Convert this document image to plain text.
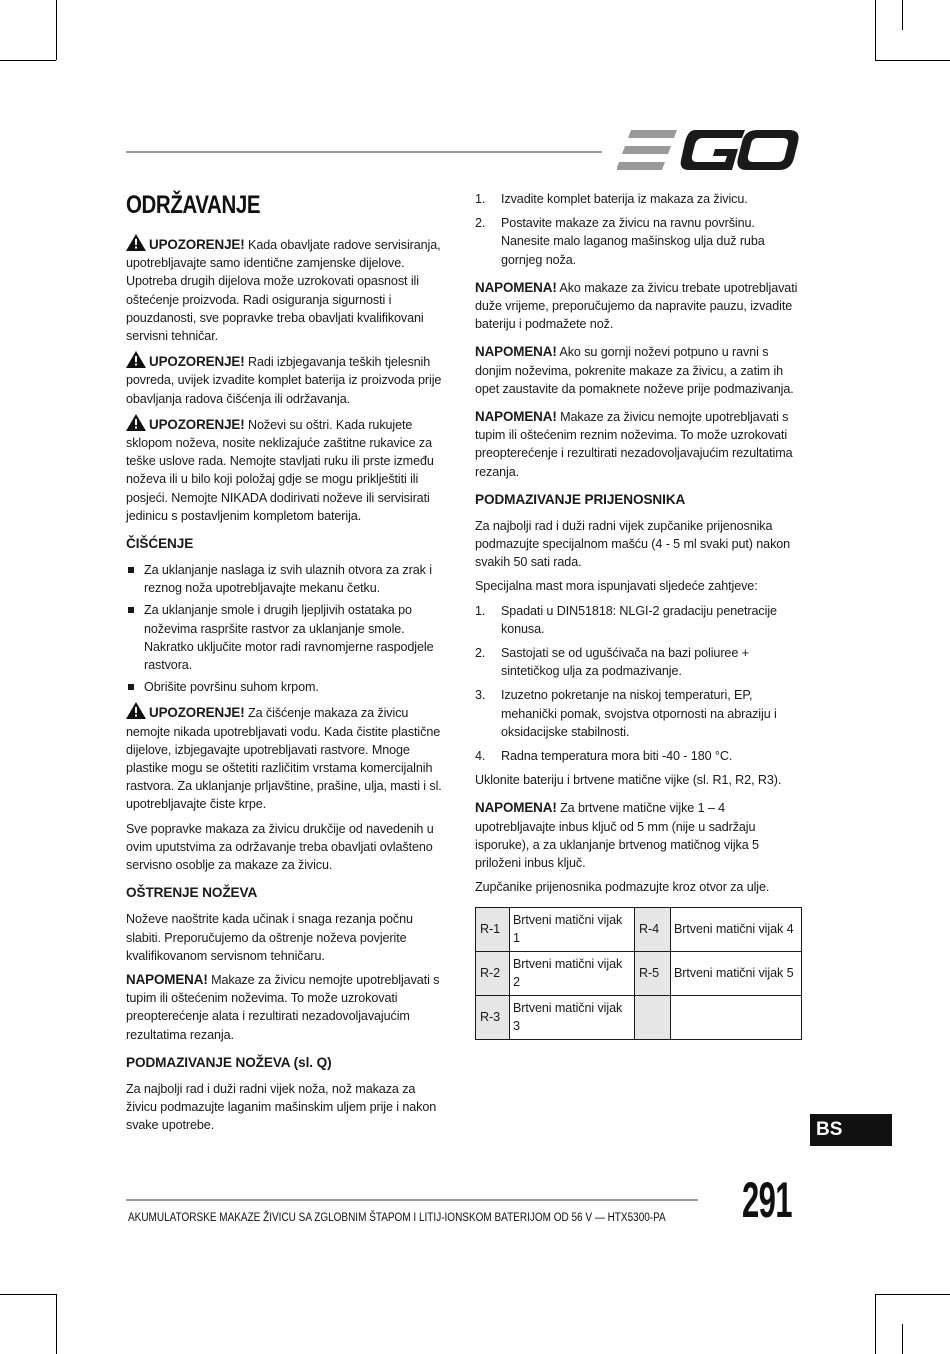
ODRŽAVANJE

UPOZORENJE! Kada obavljate radove servisiranja, upotrebljavajte samo identične zamjenske dijelove. Upotreba drugih dijelova može uzrokovati opasnost ili oštećenje proizvoda. Radi osiguranja sigurnosti i pouzdanosti, sve popravke treba obavljati kvalifikovani servisni tehničar.

UPOZORENJE! Radi izbjegavanja teških tjelesnih povreda, uvijek izvadite komplet baterija iz proizvoda prije obavljanja radova čišćenja ili održavanja.

UPOZORENJE! Noževi su oštri. Kada rukujete sklopom noževa, nosite neklizajuće zaštitne rukavice za teške uslove rada. Nemojte stavljati ruku ili prste između noževa ili u bilo koji položaj gdje se mogu priklještiti ili posjeći. Nemojte NIKADA dodirivati noževe ili servisirati jedinicu s postavljenim kompletom baterija.

ČIŠĆENJE
Za uklanjanje naslaga iz svih ulaznih otvora za zrak i reznog noža upotrebljavajte mekanu četku.
Za uklanjanje smole i drugih ljepljivih ostataka po noževima raspršite rastvor za uklanjanje smole. Nakratko uključite motor radi ravnomjerne raspodjele rastvora.
Obrišite površinu suhom krpom.

UPOZORENJE! Za čišćenje makaza za živicu nemojte nikada upotrebljavati vodu. Kada čistite plastične dijelove, izbjegavajte upotrebljavati rastvore. Mnoge plastike mogu se oštetiti različitim vrstama komercijalnih rastvora. Za uklanjanje prljavštine, prašine, ulja, masti i sl. upotrebljavajte čiste krpe.

Sve popravke makaza za živicu drukčije od navedenih u ovim uputstvima za održavanje treba obavljati ovlašteno servisno osoblje za makaze za živicu.

OŠTRENJE NOŽEVA

Noževe naoštrite kada učinak i snaga rezanja počnu slabiti. Preporučujemo da oštrenje noževa povjerite kvalifikovanom servisnom tehničaru.

NAPOMENA! Makaze za živicu nemojte upotrebljavati s tupim ili oštećenim noževima. To može uzrokovati preopterećenje alata i rezultirati nezadovoljavajućim rezultatima rezanja.

PODMAZIVANJE NOŽEVA (sl. Q)

Za najbolji rad i duži radni vijek noža, nož makaza za živicu podmazujte laganim mašinskim uljem prije i nakon svake upotrebe.

1. Izvadite komplet baterija iz makaza za živicu.
2. Postavite makaze za živicu na ravnu površinu. Nanesite malo laganog mašinskog ulja duž ruba gornjeg noža.

NAPOMENA! Ako makaze za živicu trebate upotrebljavati duže vrijeme, preporučujemo da napravite pauzu, izvadite bateriju i podmažete nož.

NAPOMENA! Ako su gornji noževi potpuno u ravni s donjim noževima, pokrenite makaze za živicu, a zatim ih opet zaustavite da pomaknete noževe prije podmazivanja.

NAPOMENA! Makaze za živicu nemojte upotrebljavati s tupim ili oštećenim reznim noževima. To može uzrokovati preopterećenje i rezultirati nezadovoljavajućim rezultatima rezanja.

PODMAZIVANJE PRIJENOSNIKA

Za najbolji rad i duži radni vijek zupčanike prijenosnika podmazujte specijalnom mašću (4 - 5 ml svaki put) nakon svakih 50 sati rada.

Specijalna mast mora ispunjavati sljedeće zahtjeve:

1. Spadati u DIN51818: NLGI-2 gradaciju penetracije konusa.
2. Sastojati se od ugušćivača na bazi poliuree + sintetičkog ulja za podmazivanje.
3. Izuzetno pokretanje na niskoj temperaturi, EP, mehanički pomak, svojstva otpornosti na abraziju i oksidacijske stabilnosti.
4. Radna temperatura mora biti -40 - 180 °C.

Uklonite bateriju i brtvene matične vijke (sl. R1, R2, R3).

NAPOMENA! Za brtvene matične vijke 1 – 4 upotrebljavajte inbus ključ od 5 mm (nije u sadržaju isporuke), a za uklanjanje brtvenog matičnog vijka 5 priloženi inbus ključ.

Zupčanike prijenosnika podmazujte kroz otvor za ulje.

R-1	Brtveni matični vijak 1	R-4	Brtveni matični vijak 4
R-2	Brtveni matični vijak 2	R-5	Brtveni matični vijak 5
R-3	Brtveni matični vijak 3		
BS
291
AKUMULATORSKE MAKAZE ŽIVICU SA ZGLOBNIM ŠTAPOM I LITIJ-IONSKOM BATERIJOM OD 56 V — HTX5300-PA
